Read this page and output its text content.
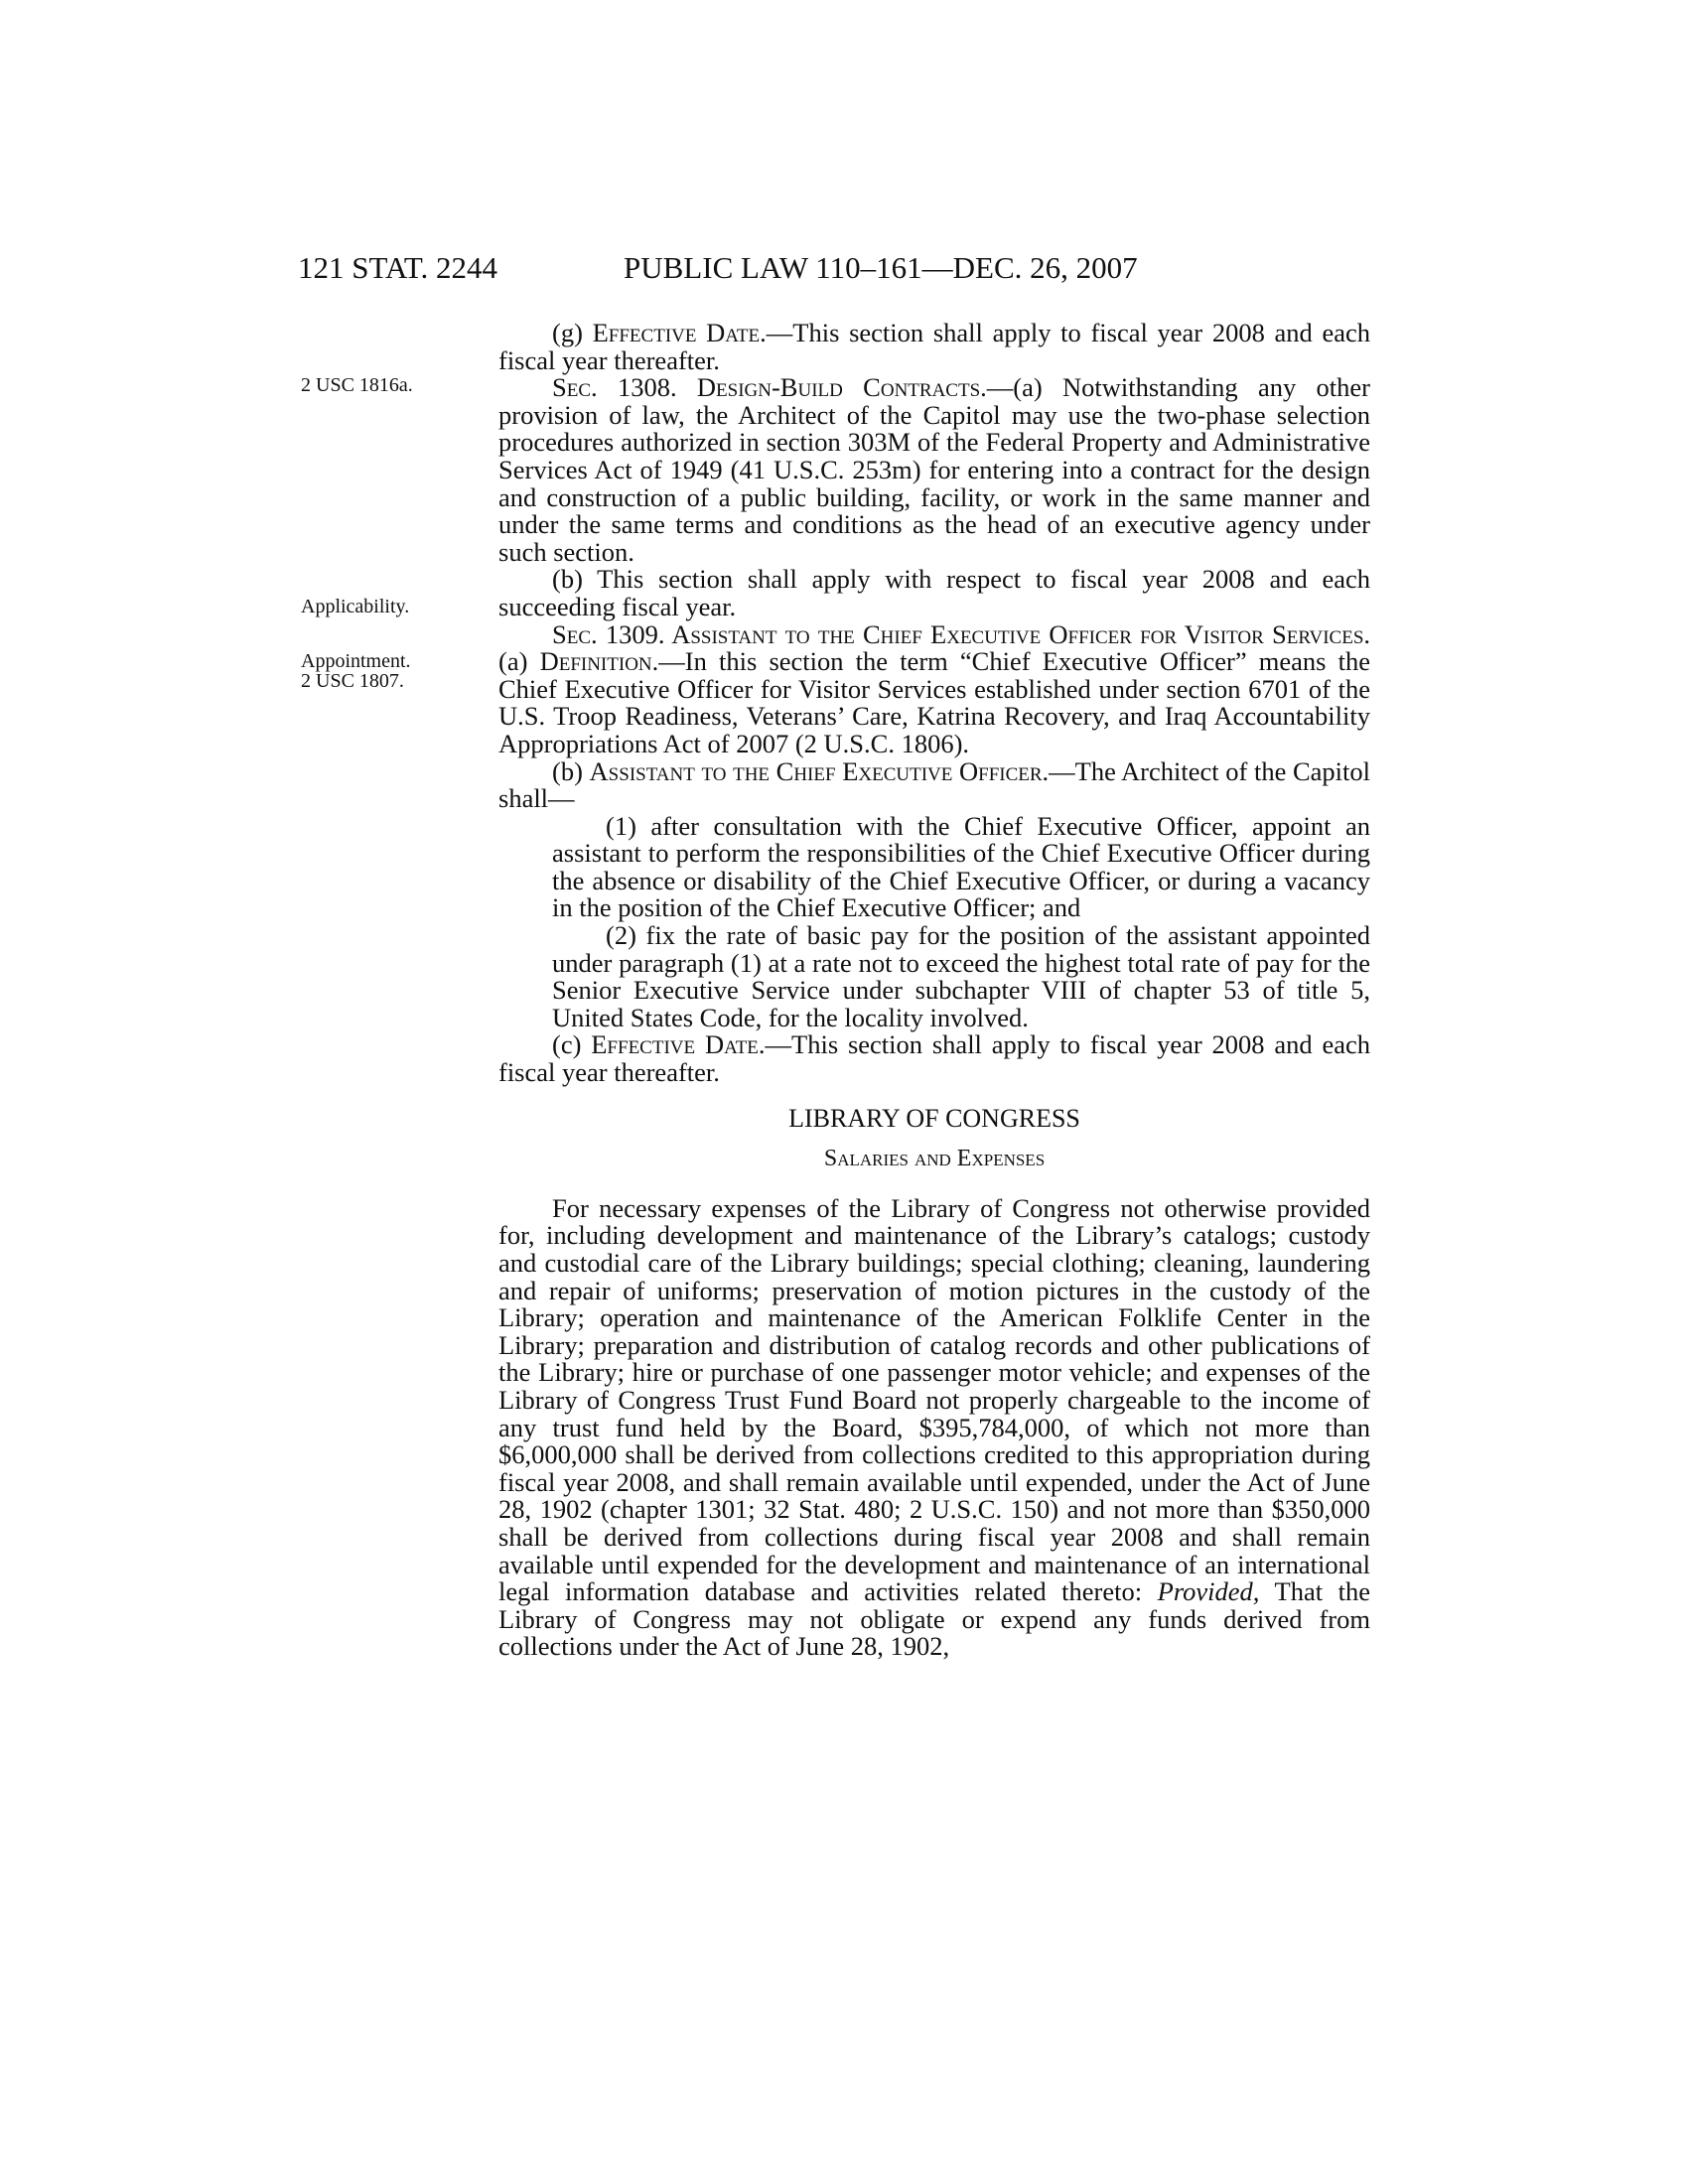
121 STAT. 2244	PUBLIC LAW 110–161—DEC. 26, 2007
2 USC 1816a.
Applicability.
Appointment.
2 USC 1807.

(g) Effective Date.—This section shall apply to fiscal year 2008 and each fiscal year thereafter.

Sec. 1308. Design-Build Contracts.—(a) Notwithstanding any other provision of law, the Architect of the Capitol may use the two-phase selection procedures authorized in section 303M of the Federal Property and Administrative Services Act of 1949 (41 U.S.C. 253m) for entering into a contract for the design and construction of a public building, facility, or work in the same manner and under the same terms and conditions as the head of an executive agency under such section.

(b) This section shall apply with respect to fiscal year 2008 and each succeeding fiscal year.

Sec. 1309. Assistant to the Chief Executive Officer for Visitor Services. (a) Definition.—In this section the term “Chief Executive Officer” means the Chief Executive Officer for Visitor Services established under section 6701 of the U.S. Troop Readiness, Veterans’ Care, Katrina Recovery, and Iraq Accountability Appropriations Act of 2007 (2 U.S.C. 1806).

(b) Assistant to the Chief Executive Officer.—The Architect of the Capitol shall—

(1) after consultation with the Chief Executive Officer, appoint an assistant to perform the responsibilities of the Chief Executive Officer during the absence or disability of the Chief Executive Officer, or during a vacancy in the position of the Chief Executive Officer; and

(2) fix the rate of basic pay for the position of the assistant appointed under paragraph (1) at a rate not to exceed the highest total rate of pay for the Senior Executive Service under subchapter VIII of chapter 53 of title 5, United States Code, for the locality involved.

(c) Effective Date.—This section shall apply to fiscal year 2008 and each fiscal year thereafter.

LIBRARY OF CONGRESS

Salaries and Expenses

For necessary expenses of the Library of Congress not otherwise provided for, including development and maintenance of the Library’s catalogs; custody and custodial care of the Library buildings; special clothing; cleaning, laundering and repair of uniforms; preservation of motion pictures in the custody of the Library; operation and maintenance of the American Folklife Center in the Library; preparation and distribution of catalog records and other publications of the Library; hire or purchase of one passenger motor vehicle; and expenses of the Library of Congress Trust Fund Board not properly chargeable to the income of any trust fund held by the Board, $395,784,000, of which not more than $6,000,000 shall be derived from collections credited to this appropriation during fiscal year 2008, and shall remain available until expended, under the Act of June 28, 1902 (chapter 1301; 32 Stat. 480; 2 U.S.C. 150) and not more than $350,000 shall be derived from collections during fiscal year 2008 and shall remain available until expended for the development and maintenance of an international legal information database and activities related thereto: Provided, That the Library of Congress may not obligate or expend any funds derived from collections under the Act of June 28, 1902,
